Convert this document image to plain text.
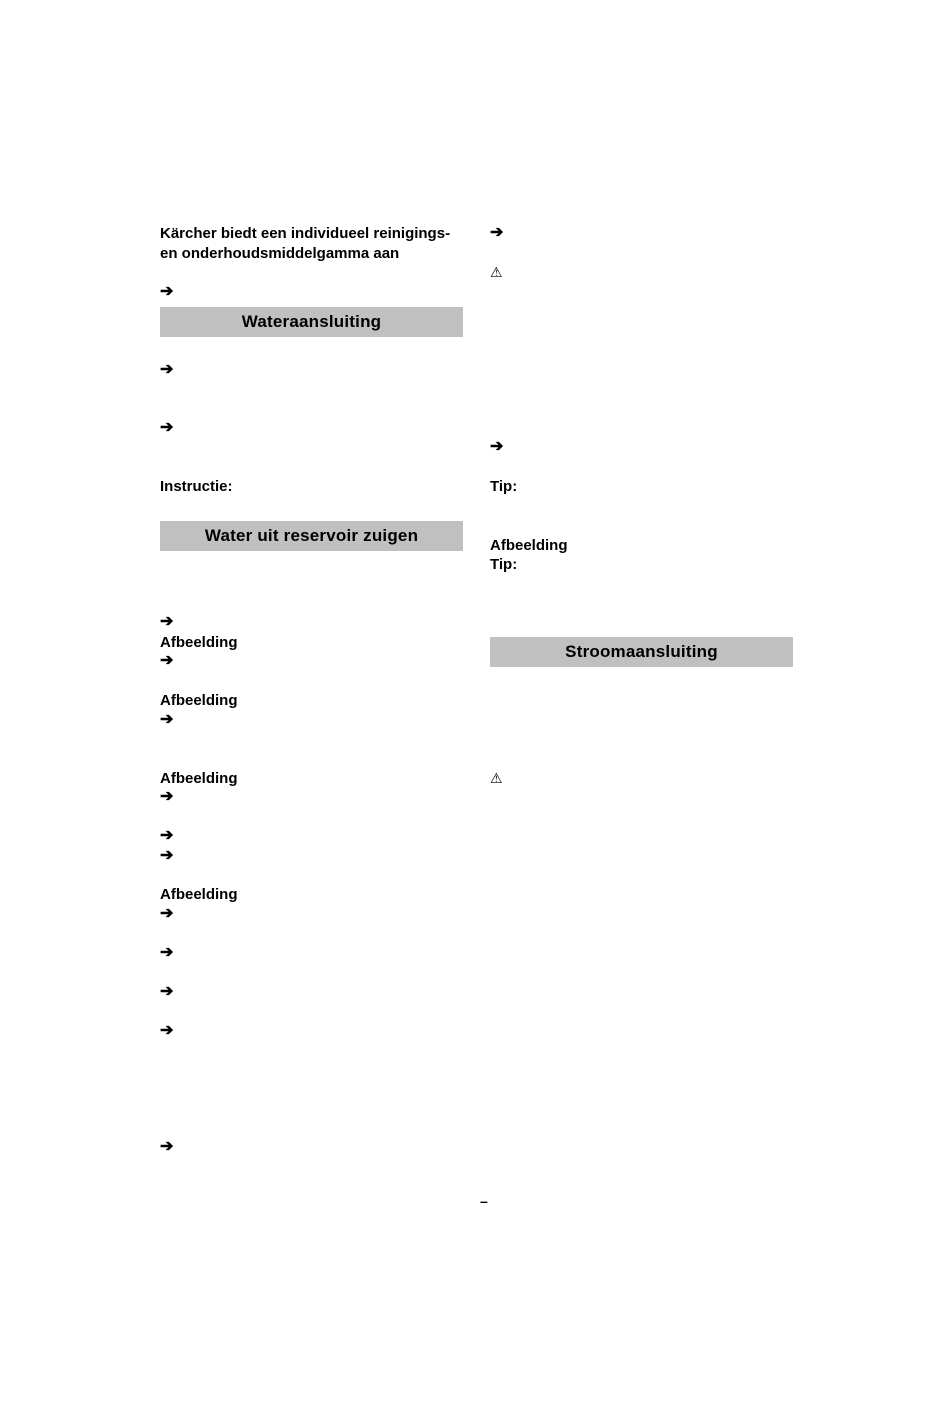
Kärcher biedt een individueel reinigings- en onderhoudsmiddelgamma aan
➔
Wateraansluiting
➔
➔
Instructie:
Water uit reservoir zuigen
➔
Afbeelding
➔
Afbeelding
➔
Afbeelding
➔
➔
➔
Afbeelding
➔
➔
➔
➔
➔
➔
⚠
➔
Tip:
Afbeelding
Tip:
Stroomaansluiting
⚠
–
